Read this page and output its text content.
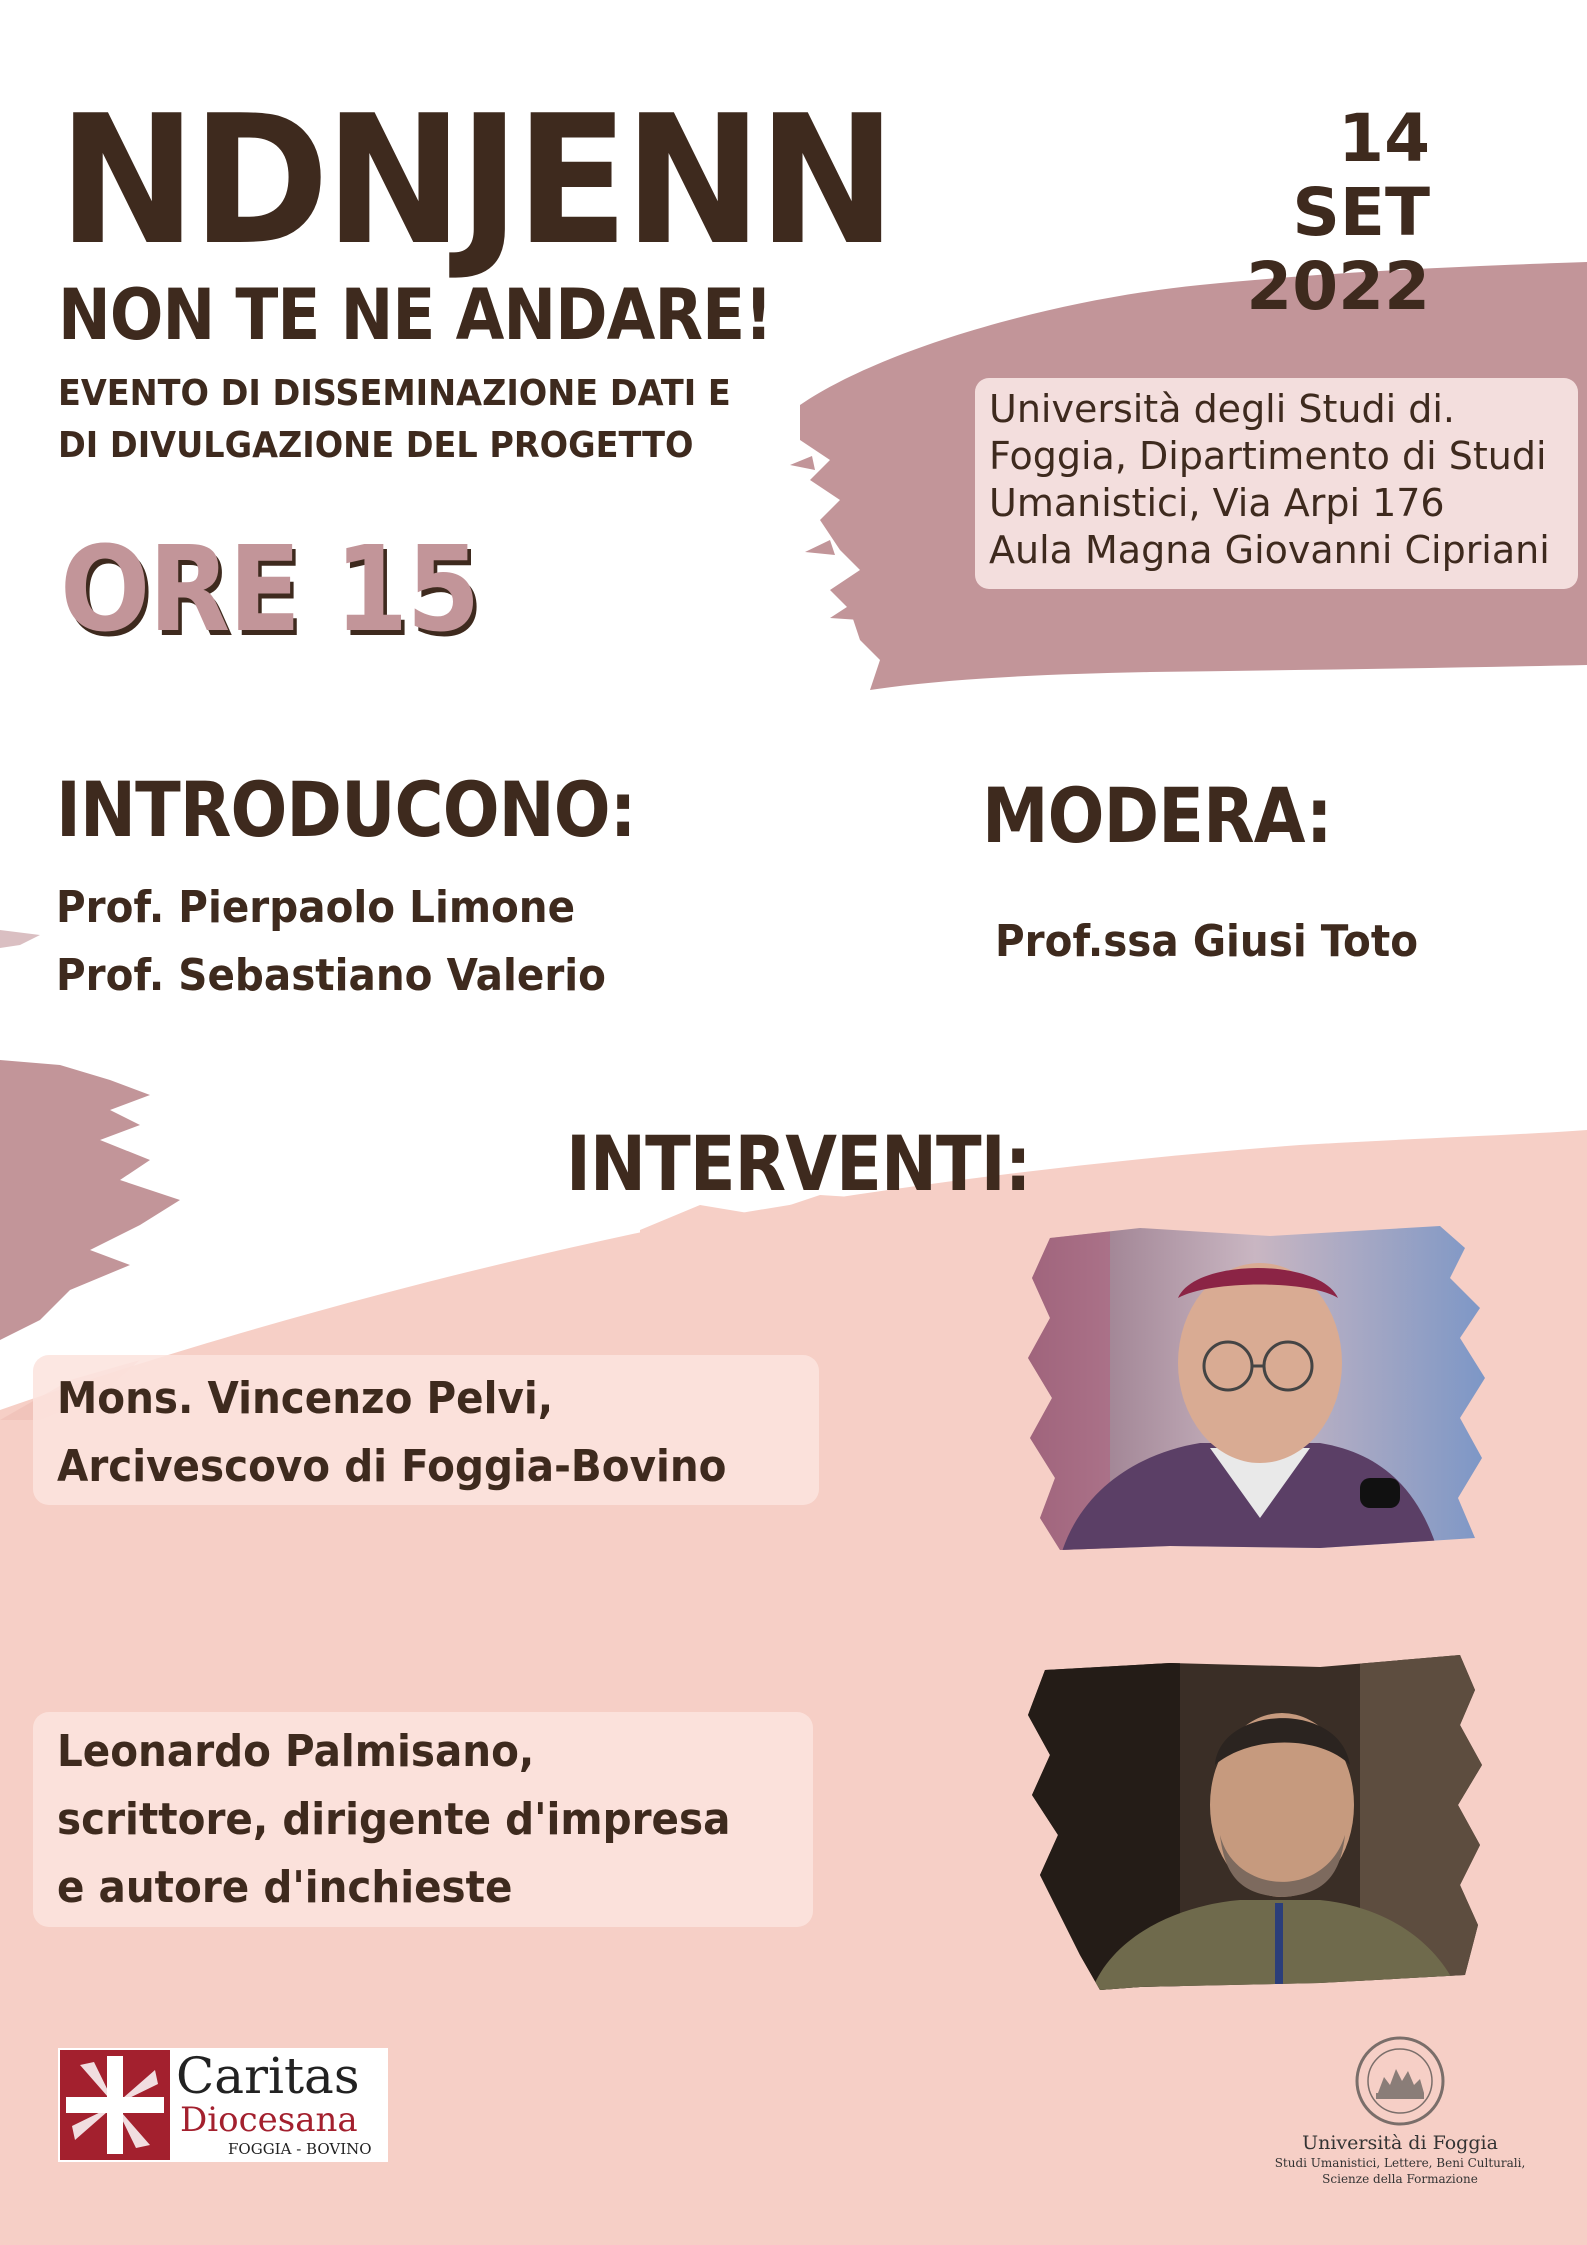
NDNJENN
NON TE NE ANDARE!
EVENTO DI DISSEMINAZIONE DATI E
DI DIVULGAZIONE DEL PROGETTO
14 SET
2022
ORE 15
Università degli Studi di.
Foggia, Dipartimento di Studi
Umanistici, Via Arpi 176
Aula Magna Giovanni Cipriani
INTRODUCONO:
Prof. Pierpaolo Limone
Prof. Sebastiano Valerio
MODERA:
Prof.ssa Giusi Toto
INTERVENTI:
Mons. Vincenzo Pelvi,
Arcivescovo di Foggia-Bovino
Leonardo Palmisano,
scrittore, dirigente d'impresa
e autore d'inchieste
Caritas
Diocesana
FOGGIA - BOVINO	Università di Foggia
Studi Umanistici, Lettere, Beni Culturali,
Scienze della Formazione
